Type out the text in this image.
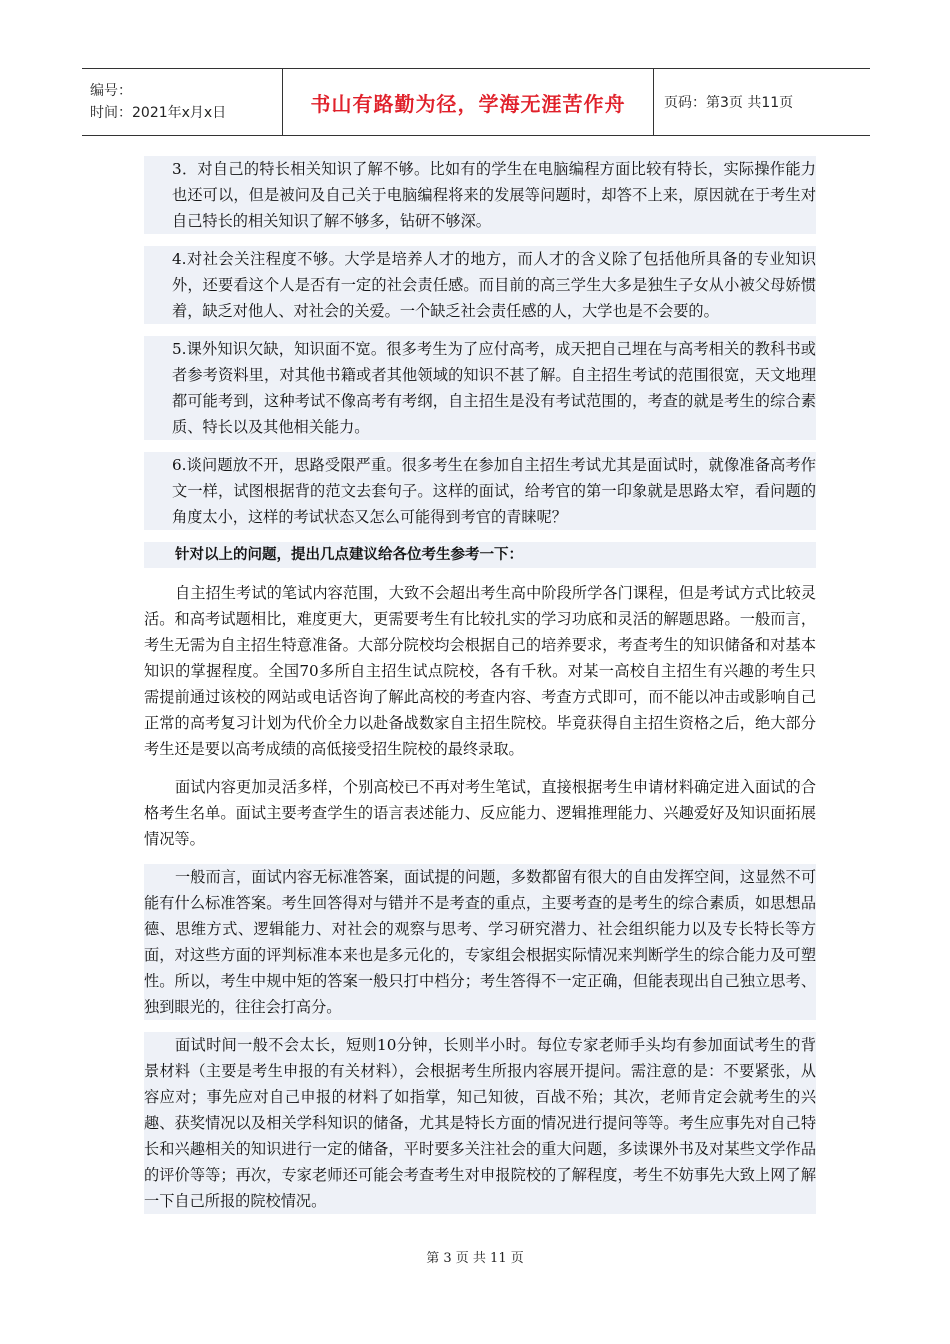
编号：
时间：2021年x月x日	书山有路勤为径，学海无涯苦作舟	页码：第3页 共11页

3．对自己的特长相关知识了解不够。比如有的学生在电脑编程方面比较有特长，实际操作能力也还可以，但是被问及自己关于电脑编程将来的发展等问题时，却答不上来，原因就在于考生对自己特长的相关知识了解不够多，钻研不够深。

4.对社会关注程度不够。大学是培养人才的地方，而人才的含义除了包括他所具备的专业知识外，还要看这个人是否有一定的社会责任感。而目前的高三学生大多是独生子女从小被父母娇惯着，缺乏对他人、对社会的关爱。一个缺乏社会责任感的人，大学也是不会要的。

5.课外知识欠缺，知识面不宽。很多考生为了应付高考，成天把自己埋在与高考相关的教科书或者参考资料里，对其他书籍或者其他领域的知识不甚了解。自主招生考试的范围很宽，天文地理都可能考到，这种考试不像高考有考纲，自主招生是没有考试范围的，考查的就是考生的综合素质、特长以及其他相关能力。

6.谈问题放不开，思路受限严重。很多考生在参加自主招生考试尤其是面试时，就像准备高考作文一样，试图根据背的范文去套句子。这样的面试，给考官的第一印象就是思路太窄，看问题的角度太小，这样的考试状态又怎么可能得到考官的青睐呢？

针对以上的问题，提出几点建议给各位考生参考一下：

自主招生考试的笔试内容范围，大致不会超出考生高中阶段所学各门课程，但是考试方式比较灵活。和高考试题相比，难度更大，更需要考生有比较扎实的学习功底和灵活的解题思路。一般而言，考生无需为自主招生特意准备。大部分院校均会根据自己的培养要求，考查考生的知识储备和对基本知识的掌握程度。全国70多所自主招生试点院校，各有千秋。对某一高校自主招生有兴趣的考生只需提前通过该校的网站或电话咨询了解此高校的考查内容、考查方式即可，而不能以冲击或影响自己正常的高考复习计划为代价全力以赴备战数家自主招生院校。毕竟获得自主招生资格之后，绝大部分考生还是要以高考成绩的高低接受招生院校的最终录取。

面试内容更加灵活多样，个别高校已不再对考生笔试，直接根据考生申请材料确定进入面试的合格考生名单。面试主要考查学生的语言表述能力、反应能力、逻辑推理能力、兴趣爱好及知识面拓展情况等。

一般而言，面试内容无标准答案，面试提的问题，多数都留有很大的自由发挥空间，这显然不可能有什么标准答案。考生回答得对与错并不是考查的重点，主要考查的是考生的综合素质，如思想品德、思维方式、逻辑能力、对社会的观察与思考、学习研究潜力、社会组织能力以及专长特长等方面，对这些方面的评判标准本来也是多元化的，专家组会根据实际情况来判断学生的综合能力及可塑性。所以，考生中规中矩的答案一般只打中档分；考生答得不一定正确，但能表现出自己独立思考、独到眼光的，往往会打高分。

面试时间一般不会太长，短则10分钟，长则半小时。每位专家老师手头均有参加面试考生的背景材料（主要是考生申报的有关材料），会根据考生所报内容展开提问。需注意的是：不要紧张，从容应对；事先应对自己申报的材料了如指掌，知己知彼，百战不殆；其次，老师肯定会就考生的兴趣、获奖情况以及相关学科知识的储备，尤其是特长方面的情况进行提问等等。考生应事先对自己特长和兴趣相关的知识进行一定的储备，平时要多关注社会的重大问题，多读课外书及对某些文学作品的评价等等；再次，专家老师还可能会考查考生对申报院校的了解程度，考生不妨事先大致上网了解一下自己所报的院校情况。

第 3 页 共 11 页
